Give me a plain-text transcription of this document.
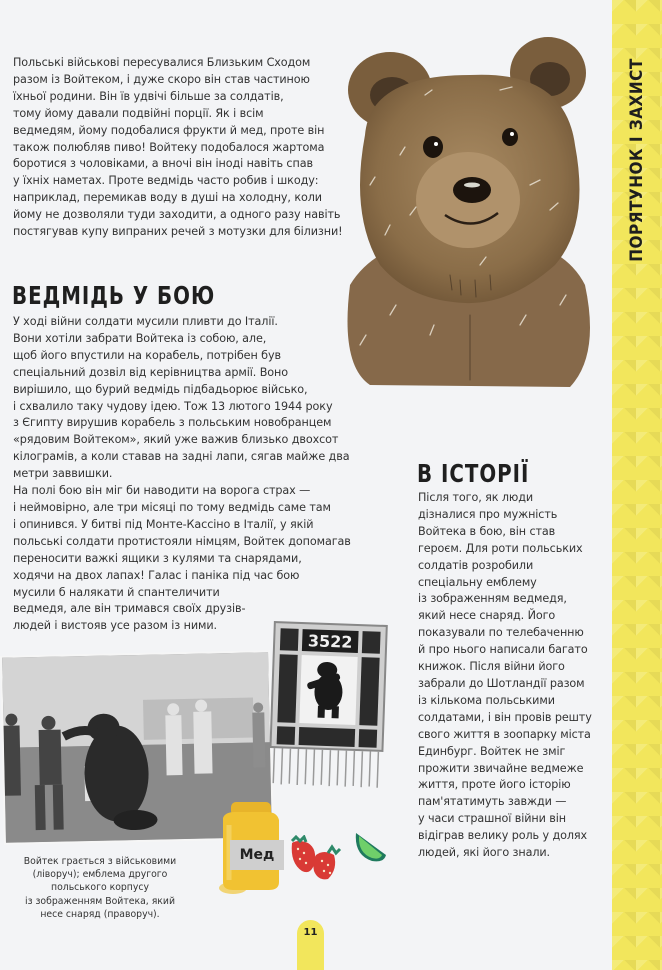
Польські військові пересувалися Близьким Сходом
разом із Войтеком, і дуже скоро він став частиною
їхньої родини. Він їв удвічі більше за солдатів,
тому йому давали подвійні порції. Як і всім
ведмедям, йому подобалися фрукти й мед, проте він
також полюбляв пиво! Войтеку подобалося жартома
боротися з чоловіками, а вночі він іноді навіть спав
у їхніх наметах. Проте ведмідь часто робив і шкоду:
наприклад, перемикав воду в душі на холодну, коли
йому не дозволяли туди заходити, а одного разу навіть
постягував купу випраних речей з мотузки для білизни!
ВЕДМІДЬ У БОЮ
У ході війни солдати мусили пливти до Італії.
Вони хотіли забрати Войтека із собою, але,
щоб його впустили на корабель, потрібен був
спеціальний дозвіл від керівництва армії. Воно
вирішило, що бурий ведмідь підбадьорює військо,
і схвалило таку чудову ідею. Тож 13 лютого 1944 року
з Єгипту вирушив корабель з польським новобранцем
«рядовим Войтеком», який уже важив близько двохсот
кілограмів, а коли ставав на задні лапи, сягав майже два
метри заввишки.
На полі бою він міг би наводити на ворога страх —
і неймовірно, але три місяці по тому ведмідь саме там
і опинився. У битві під Монте-Кассіно в Італії, у якій
польські солдати протистояли німцям, Войтек допомагав
переносити важкі ящики з кулями та снарядами,
ходячи на двох лапах! Галас і паніка під час бою
мусили б налякати й спантеличити
ведмедя, але він тримався своїх друзів-
людей і вистояв усе разом із ними.
В ІСТОРІЇ
Після того, як люди
дізналися про мужність
Войтека в бою, він став
героєм. Для роти польських
солдатів розробили
спеціальну емблему
із зображенням ведмедя,
який несе снаряд. Його
показували по телебаченню
й про нього написали багато
книжок. Після війни його
забрали до Шотландії разом
із кількома польськими
солдатами, і він провів решту
свого життя в зоопарку міста
Единбург. Войтек не зміг
прожити звичайне ведмеже
життя, проте його історію
пам'ятатимуть завжди —
у часи страшної війни він
відіграв велику роль у долях
людей, які його знали.
3522
Войтек грається з військовими
(ліворуч); емблема другого
польського корпусу
із зображенням Войтека, який
несе снаряд (праворуч).
Мед
11
ПОРЯТУНОК І ЗАХИСТ
